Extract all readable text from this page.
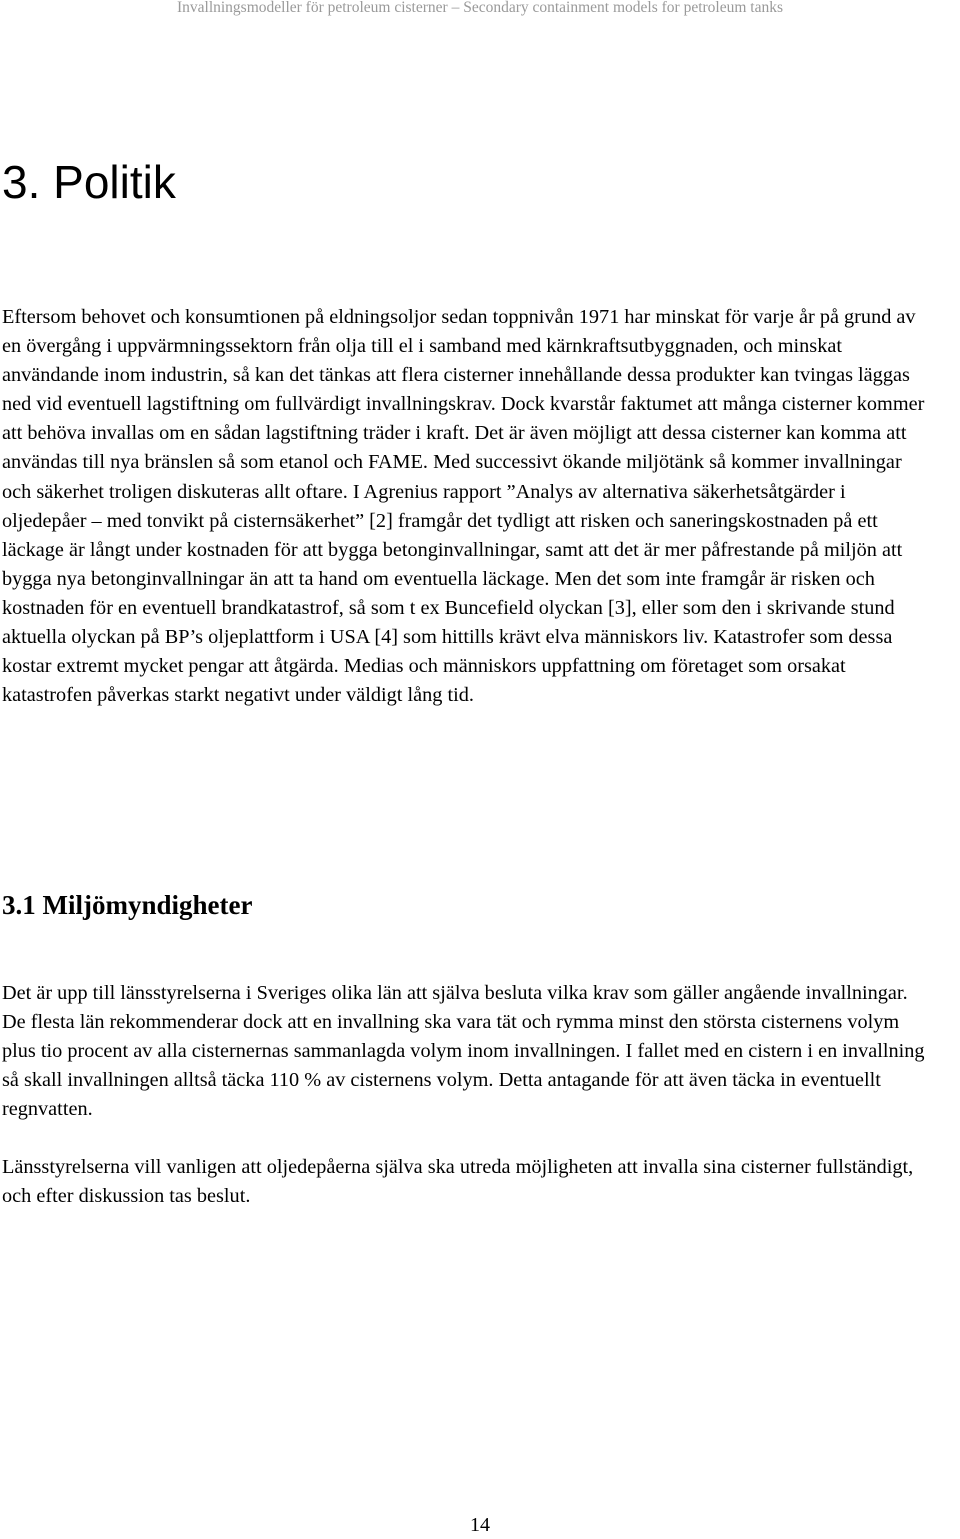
Invallningsmodeller för petroleum cisterner – Secondary containment models for petroleum tanks
3. Politik

Eftersom behovet och konsumtionen på eldningsoljor sedan toppnivån 1971 har minskat för varje år på grund av en övergång i uppvärmningssektorn från olja till el i samband med kärnkraftsutbyggnaden, och minskat användande inom industrin, så kan det tänkas att flera cisterner innehållande dessa produkter kan tvingas läggas ned vid eventuell lagstiftning om fullvärdigt invallningskrav. Dock kvarstår faktumet att många cisterner kommer att behöva invallas om en sådan lagstiftning träder i kraft. Det är även möjligt att dessa cisterner kan komma att användas till nya bränslen så som etanol och FAME. Med successivt ökande miljötänk så kommer invallningar och säkerhet troligen diskuteras allt oftare. I Agrenius rapport ”Analys av alternativa säkerhetsåtgärder i oljedepåer – med tonvikt på cisternsäkerhet” [2] framgår det tydligt att risken och saneringskostnaden på ett läckage är långt under kostnaden för att bygga betonginvallningar, samt att det är mer påfrestande på miljön att bygga nya betonginvallningar än att ta hand om eventuella läckage. Men det som inte framgår är risken och kostnaden för en eventuell brandkatastrof, så som t ex Buncefield olyckan [3], eller som den i skrivande stund aktuella olyckan på BP’s oljeplattform i USA [4] som hittills krävt elva människors liv. Katastrofer som dessa kostar extremt mycket pengar att åtgärda. Medias och människors uppfattning om företaget som orsakat katastrofen påverkas starkt negativt under väldigt lång tid.

3.1 Miljömyndigheter

Det är upp till länsstyrelserna i Sveriges olika län att själva besluta vilka krav som gäller angående invallningar. De flesta län rekommenderar dock att en invallning ska vara tät och rymma minst den största cisternens volym plus tio procent av alla cisternernas sammanlagda volym inom invallningen. I fallet med en cistern i en invallning så skall invallningen alltså täcka 110 % av cisternens volym. Detta antagande för att även täcka in eventuellt regnvatten.

Länsstyrelserna vill vanligen att oljedepåerna själva ska utreda möjligheten att invalla sina cisterner fullständigt, och efter diskussion tas beslut.

14
